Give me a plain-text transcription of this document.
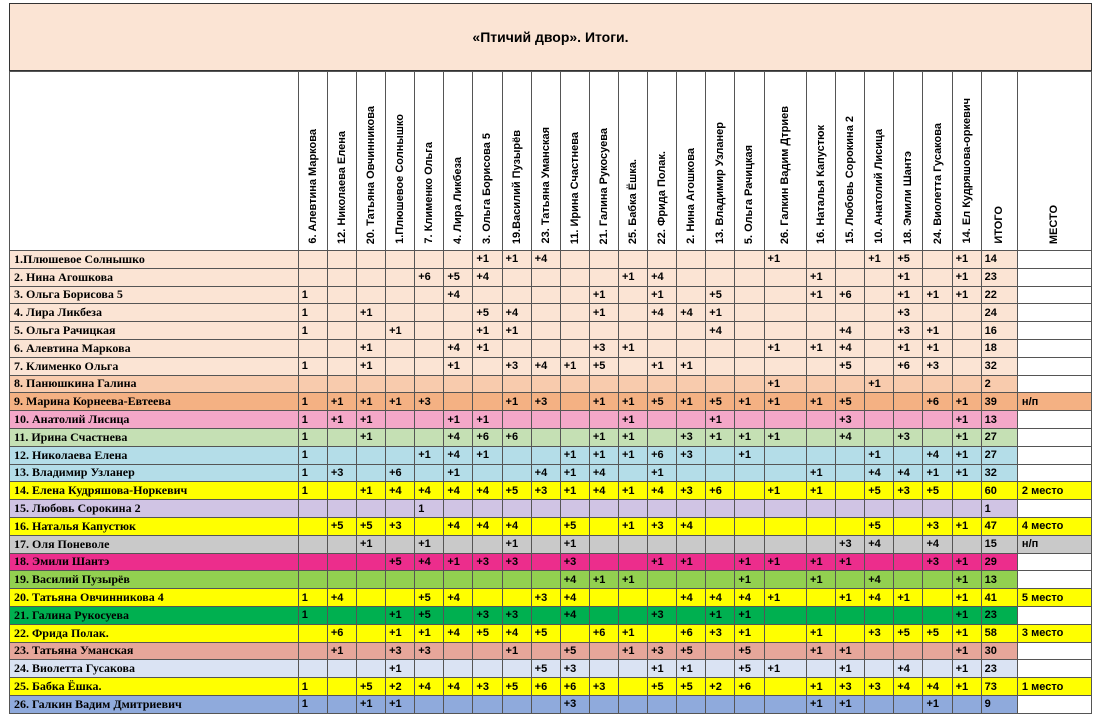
«Птичий двор». Итоги.

	6. Алевтина Маркова	12. Николаева Елена	20. Татьяна Овчинникова	1.Плюшевое Солнышко	7. Клименко Ольга	4. Лира Ликбеза	3. Ольга Борисова 5	19.Василий Пузырёв	23. Татьяна Уманская	11. Ирина Счастнева	21. Галина Рукосуева	25. Бабка Ёшка.	22. Фрида Полак.	2. Нина Агошкова	13. Владимир Узланер	5. Ольга Рачицкая	26. Галкин Вадим Дтриев	16. Наталья Капустюк	15. Любовь Сорокина 2	10. Анатолий Лисица	18. Эмили Шантэ	24. Виолетта Гусакова	14. Ел Кудряшова-оркевич	ИТОГО	МЕСТО

1.Плюшевое Солнышко							+1	+1	+4								+1			+1	+5		+1	14	
2. Нина Агошкова					+6	+5	+4					+1	+4					+1			+1		+1	23	
3. Ольга Борисова 5	1					+4					+1		+1		+5			+1	+6		+1	+1	+1	22	
4. Лира Ликбеза	1		+1				+5	+4			+1		+4	+4	+1						+3			24	
5. Ольга Рачицкая	1			+1			+1	+1							+4				+4		+3	+1		16	
6. Алевтина Маркова			+1			+4	+1				+3	+1					+1	+1	+4		+1	+1		18	
7. Клименко Ольга	1		+1			+1		+3	+4	+1	+5		+1	+1					+5		+6	+3		32	
8. Панюшкина Галина																	+1			+1				2	
9. Марина Корнеева-Евтеева	1	+1	+1	+1	+3			+1	+3		+1	+1	+5	+1	+5	+1	+1	+1	+5			+6	+1	39	н/п
10. Анатолий Лисица	1	+1	+1			+1	+1					+1			+1				+3				+1	13	
11. Ирина Счастнева	1		+1			+4	+6	+6			+1	+1		+3	+1	+1	+1		+4		+3		+1	27	
12. Николаева Елена	1				+1	+4	+1			+1	+1	+1	+6	+3		+1				+1		+4	+1	27	
13. Владимир Узланер	1	+3		+6		+1			+4	+1	+4		+1					+1		+4	+4	+1	+1	32	
14. Елена Кудряшова-Норкевич	1		+1	+4	+4	+4	+4	+5	+3	+1	+4	+1	+4	+3	+6		+1	+1		+5	+3	+5		60	2 место
15. Любовь Сорокина 2					1																			1	
16. Наталья Капустюк		+5	+5	+3		+4	+4	+4		+5		+1	+3	+4						+5		+3	+1	47	4 место
17. Оля Поневоле			+1		+1			+1		+1									+3	+4		+4		15	н/п
18. Эмили Шантэ				+5	+4	+1	+3	+3		+3			+1	+1		+1	+1	+1	+1			+3	+1	29	
19. Василий Пузырёв										+4	+1	+1				+1		+1		+4			+1	13	
20. Татьяна Овчинникова 4	1	+4			+5	+4			+3	+4				+4	+4	+4	+1		+1	+4	+1		+1	41	5 место
21. Галина Рукосуева	1			+1	+5		+3	+3		+4			+3		+1	+1							+1	23	
22. Фрида Полак.		+6		+1	+1	+4	+5	+4	+5		+6	+1		+6	+3	+1		+1		+3	+5	+5	+1	58	3 место
23. Татьяна Уманская		+1		+3	+3			+1		+5		+1	+3	+5		+5		+1	+1				+1	30	
24. Виолетта Гусакова				+1					+5	+3			+1	+1		+5	+1		+1		+4		+1	23	
25. Бабка Ёшка.	1		+5	+2	+4	+4	+3	+5	+6	+6	+3		+5	+5	+2	+6		+1	+3	+3	+4	+4	+1	73	1 место
26. Галкин Вадим Дмитриевич	1		+1	+1						+3								+1	+1			+1		9	
